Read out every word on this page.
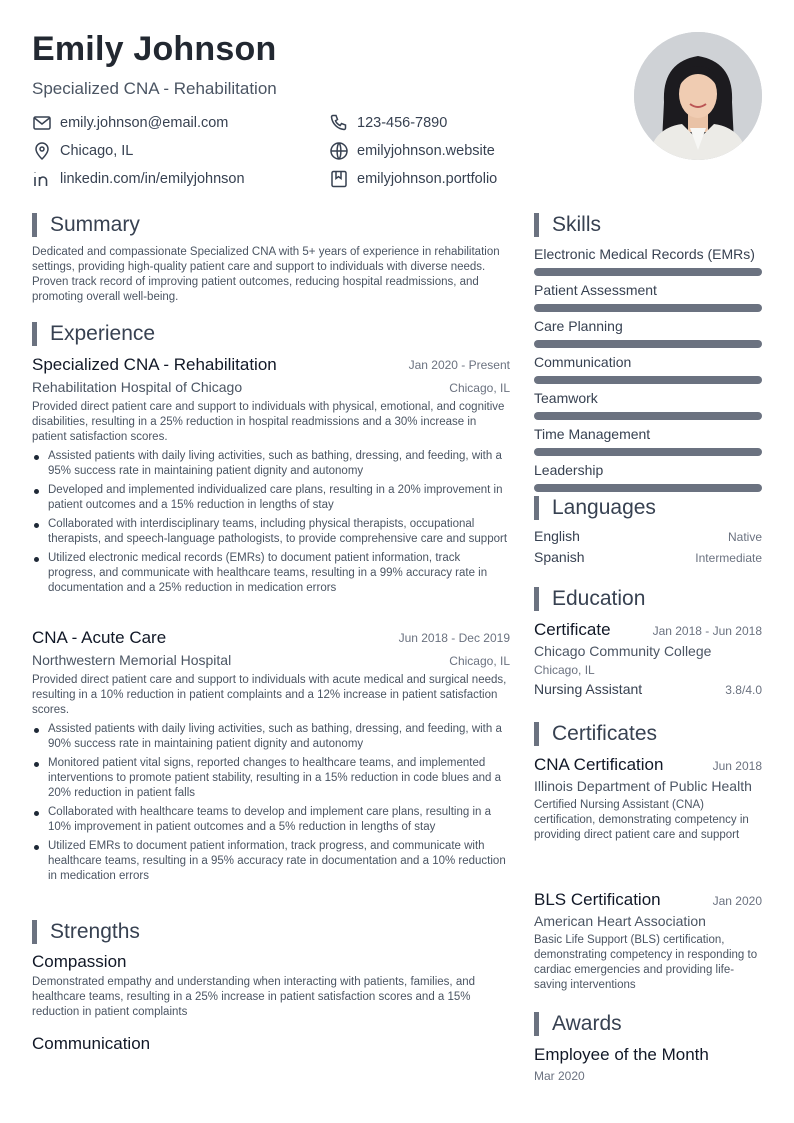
Emily Johnson
Specialized CNA - Rehabilitation
emily.johnson@email.com	123-456-7890
Chicago, IL	emilyjohnson.website
linkedin.com/in/emilyjohnson	emilyjohnson.portfolio
Summary
Dedicated and compassionate Specialized CNA with 5+ years of experience in rehabilitation settings, providing high-quality patient care and support to individuals with diverse needs. Proven track record of improving patient outcomes, reducing hospital readmissions, and promoting overall well-being.
Experience
Specialized CNA - Rehabilitation	Jan 2020 - Present
Rehabilitation Hospital of Chicago	Chicago, IL
Provided direct patient care and support to individuals with physical, emotional, and cognitive disabilities, resulting in a 25% reduction in hospital readmissions and a 30% increase in patient satisfaction scores.
Assisted patients with daily living activities, such as bathing, dressing, and feeding, with a 95% success rate in maintaining patient dignity and autonomy
Developed and implemented individualized care plans, resulting in a 20% improvement in patient outcomes and a 15% reduction in lengths of stay
Collaborated with interdisciplinary teams, including physical therapists, occupational therapists, and speech-language pathologists, to provide comprehensive care and support
Utilized electronic medical records (EMRs) to document patient information, track progress, and communicate with healthcare teams, resulting in a 99% accuracy rate in documentation and a 25% reduction in medication errors
CNA - Acute Care	Jun 2018 - Dec 2019
Northwestern Memorial Hospital	Chicago, IL
Provided direct patient care and support to individuals with acute medical and surgical needs, resulting in a 10% reduction in patient complaints and a 12% increase in patient satisfaction scores.
Assisted patients with daily living activities, such as bathing, dressing, and feeding, with a 90% success rate in maintaining patient dignity and autonomy
Monitored patient vital signs, reported changes to healthcare teams, and implemented interventions to promote patient stability, resulting in a 15% reduction in code blues and a 20% reduction in patient falls
Collaborated with healthcare teams to develop and implement care plans, resulting in a 10% improvement in patient outcomes and a 5% reduction in lengths of stay
Utilized EMRs to document patient information, track progress, and communicate with healthcare teams, resulting in a 95% accuracy rate in documentation and a 10% reduction in medication errors
Strengths
Compassion
Demonstrated empathy and understanding when interacting with patients, families, and healthcare teams, resulting in a 25% increase in patient satisfaction scores and a 15% reduction in patient complaints
Communication
Skills
Electronic Medical Records (EMRs)
Patient Assessment
Care Planning
Communication
Teamwork
Time Management
Leadership
Languages
English	Native
Spanish	Intermediate
Education
Certificate	Jan 2018 - Jun 2018
Chicago Community College
Chicago, IL
Nursing Assistant	3.8/4.0
Certificates
CNA Certification	Jun 2018
Illinois Department of Public Health
Certified Nursing Assistant (CNA) certification, demonstrating competency in providing direct patient care and support
BLS Certification	Jan 2020
American Heart Association
Basic Life Support (BLS) certification, demonstrating competency in responding to cardiac emergencies and providing life-saving interventions
Awards
Employee of the Month
Mar 2020
